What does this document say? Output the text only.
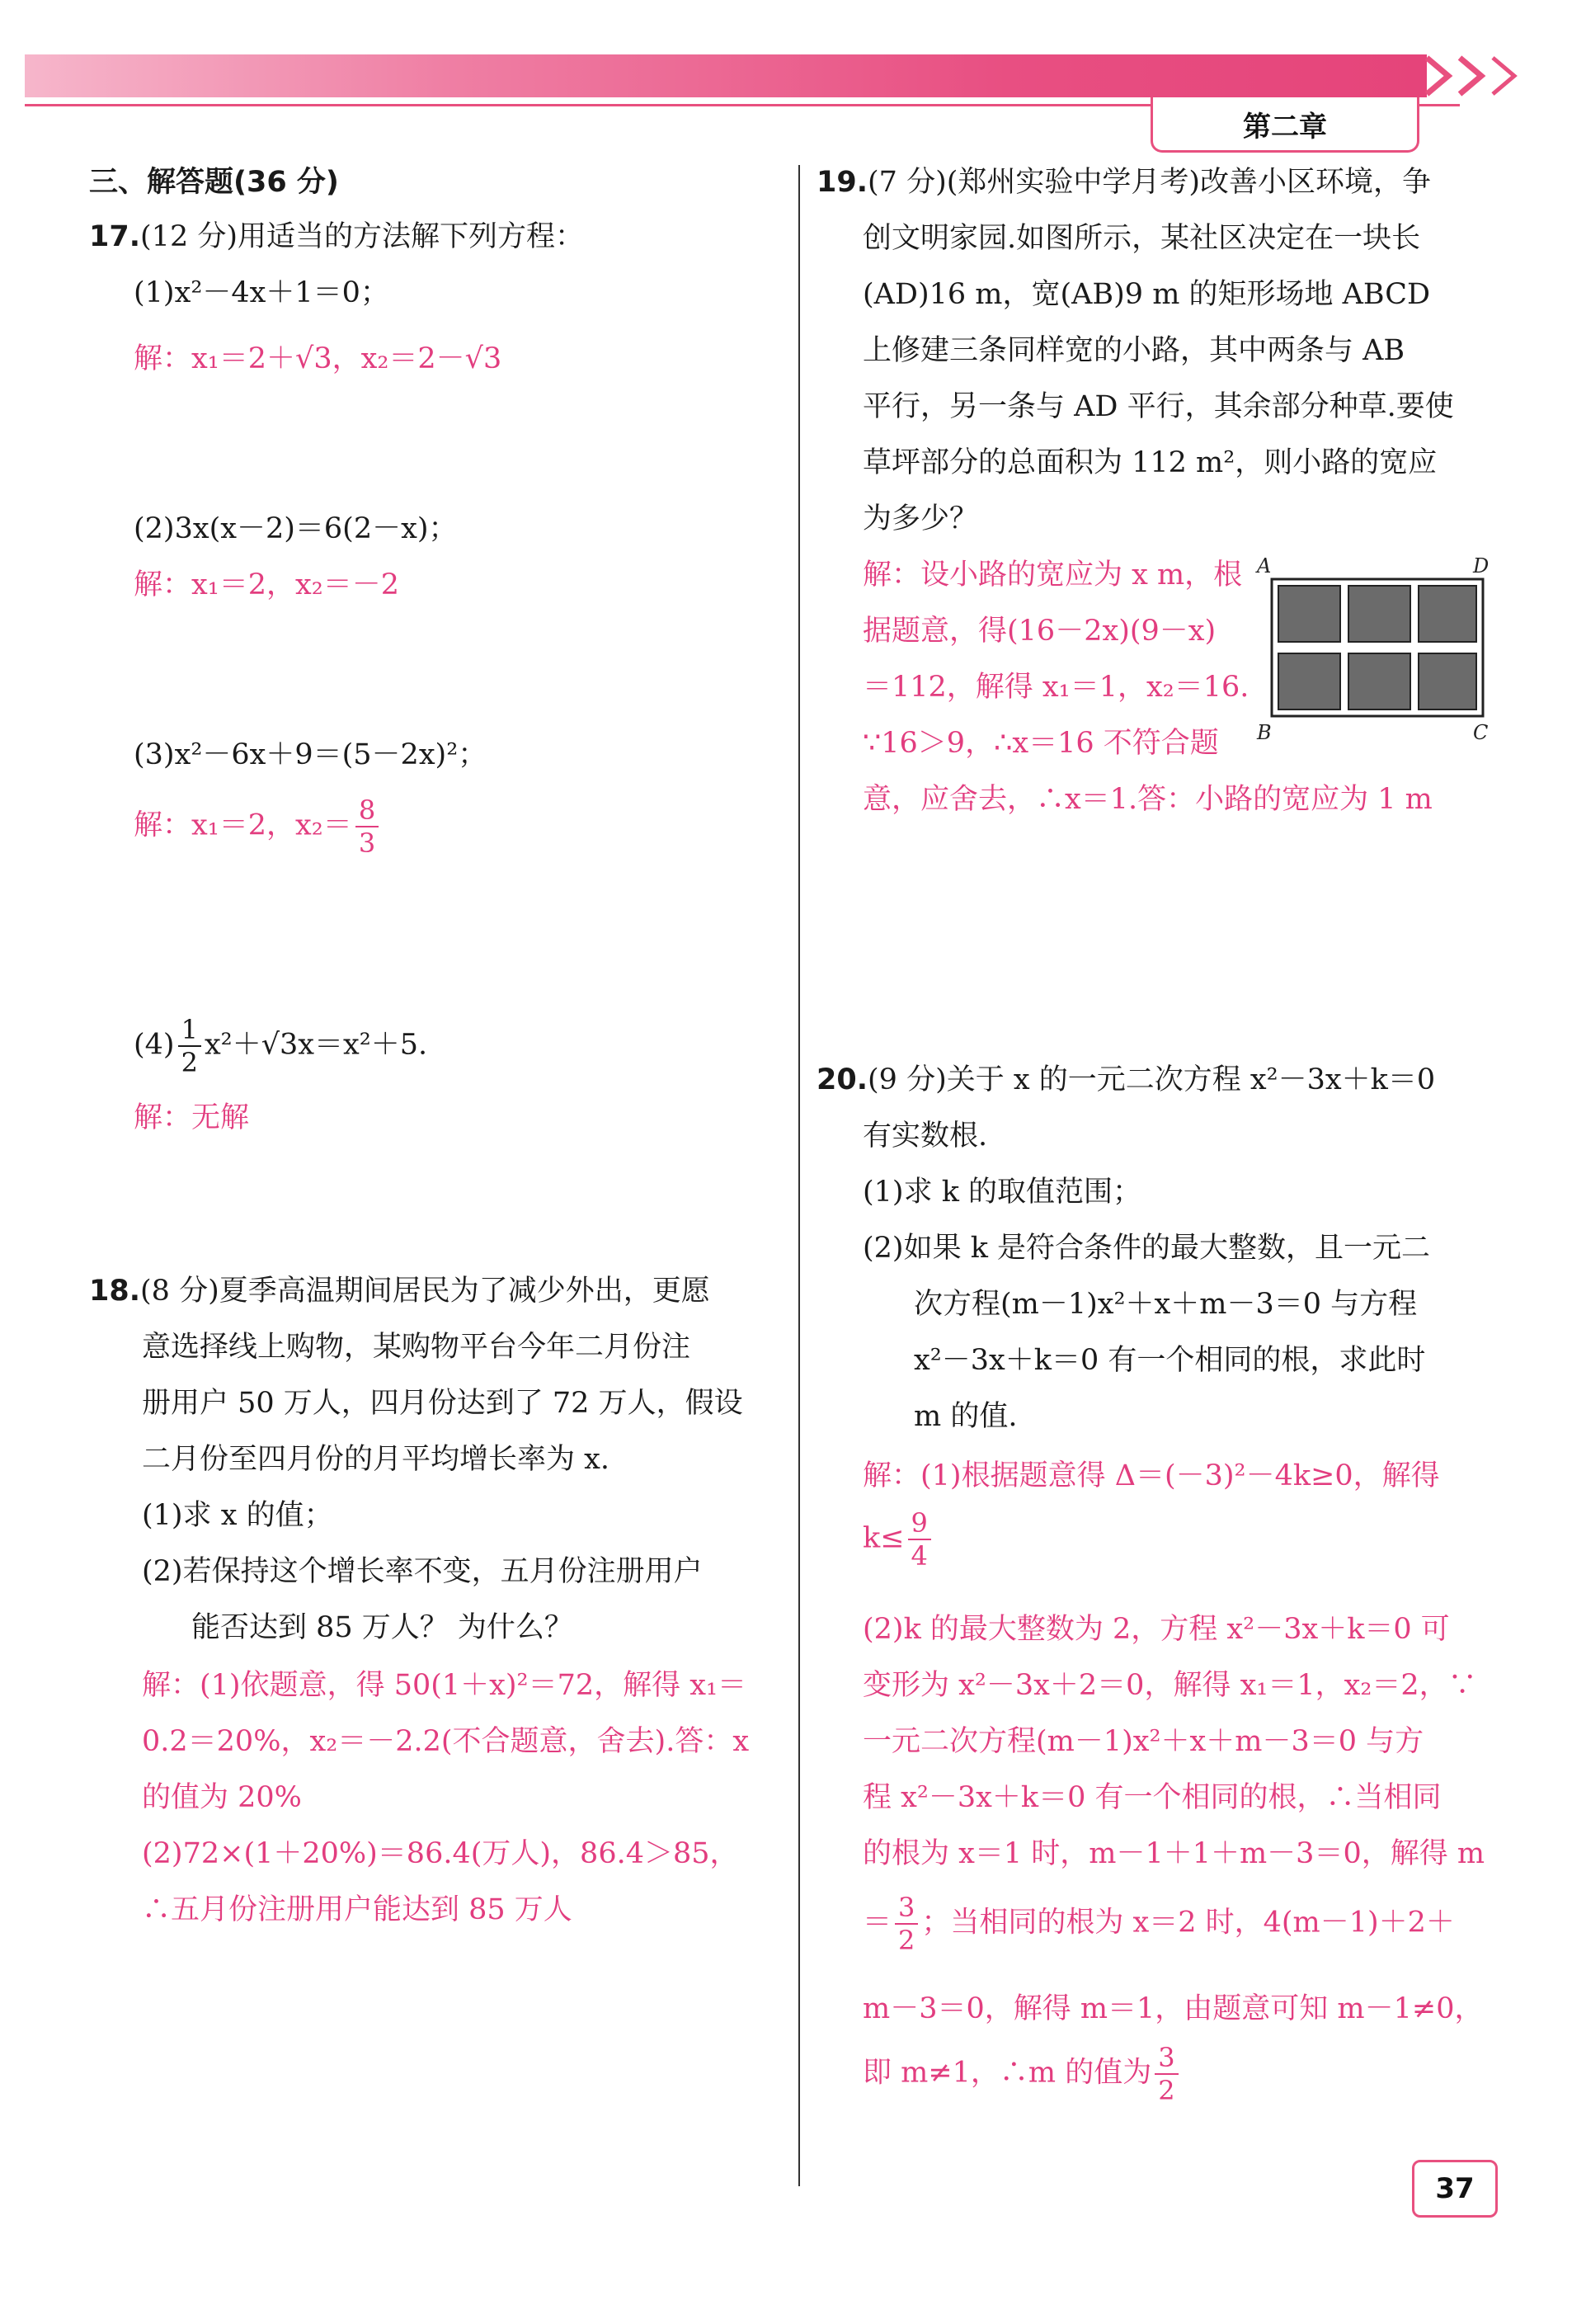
第二章
三、解答题(36 分)
17.(12 分)用适当的方法解下列方程：
(1)x²－4x＋1＝0；
解：x₁＝2＋√3，x₂＝2－√3
(2)3x(x－2)＝6(2－x)；
解：x₁＝2，x₂＝－2
(3)x²－6x＋9＝(5－2x)²；
解：x₁＝2，$x_2= \frac{8}{3}$
$(4) \frac{1}{2} x^2+√3x=x^2+5$.
解：无解
18.(8 分)夏季高温期间居民为了减少外出，更愿
意选择线上购物，某购物平台今年二月份注
册用户 50 万人，四月份达到了 72 万人，假设
二月份至四月份的月平均增长率为 x.
(1)求 x 的值；
(2)若保持这个增长率不变，五月份注册用户
能否达到 85 万人？ 为什么？
解：(1)依题意，得 50(1＋x)²＝72，解得 x₁＝
0.2＝20%，x₂＝－2.2(不合题意，舍去).答：x
的值为 20%
(2)72×(1＋20%)＝86.4(万人)，86.4＞85，
∴五月份注册用户能达到 85 万人
19.(7 分)(郑州实验中学月考)改善小区环境，争
创文明家园.如图所示，某社区决定在一块长
(AD)16 m，宽(AB)9 m 的矩形场地 ABCD
上修建三条同样宽的小路，其中两条与 AB
平行，另一条与 AD 平行，其余部分种草.要使
草坪部分的总面积为 112 m²，则小路的宽应
为多少？
解：设小路的宽应为 x m，根
据题意，得(16－2x)(9－x)
＝112，解得 x₁＝1，x₂＝16.
∵16＞9，∴x＝16 不符合题
意，应舍去，∴x＝1.答：小路的宽应为 1 m
A	D
B	C
20.(9 分)关于 x 的一元二次方程 x²－3x＋k＝0
有实数根.
(1)求 k 的取值范围；
(2)如果 k 是符合条件的最大整数，且一元二
次方程(m－1)x²＋x＋m－3＝0 与方程
x²－3x＋k＝0 有一个相同的根，求此时
m 的值.
解：(1)根据题意得 Δ＝(－3)²－4k≥0，解得
$k\le \frac{9}{4}$
(2)k 的最大整数为 2，方程 x²－3x＋k＝0 可
变形为 x²－3x＋2＝0，解得 x₁＝1，x₂＝2，∵
一元二次方程(m－1)x²＋x＋m－3＝0 与方
程 x²－3x＋k＝0 有一个相同的根，∴当相同
的根为 x＝1 时，m－1＋1＋m－3＝0，解得 m
＝ $\frac{3}{2}$ ；当相同的根为 x＝2 时，4(m－1)＋2＋
m－3＝0，解得 m＝1，由题意可知 m－1≠0，
即 m≠1，∴m 的值为 $\frac{3}{2}$
37
